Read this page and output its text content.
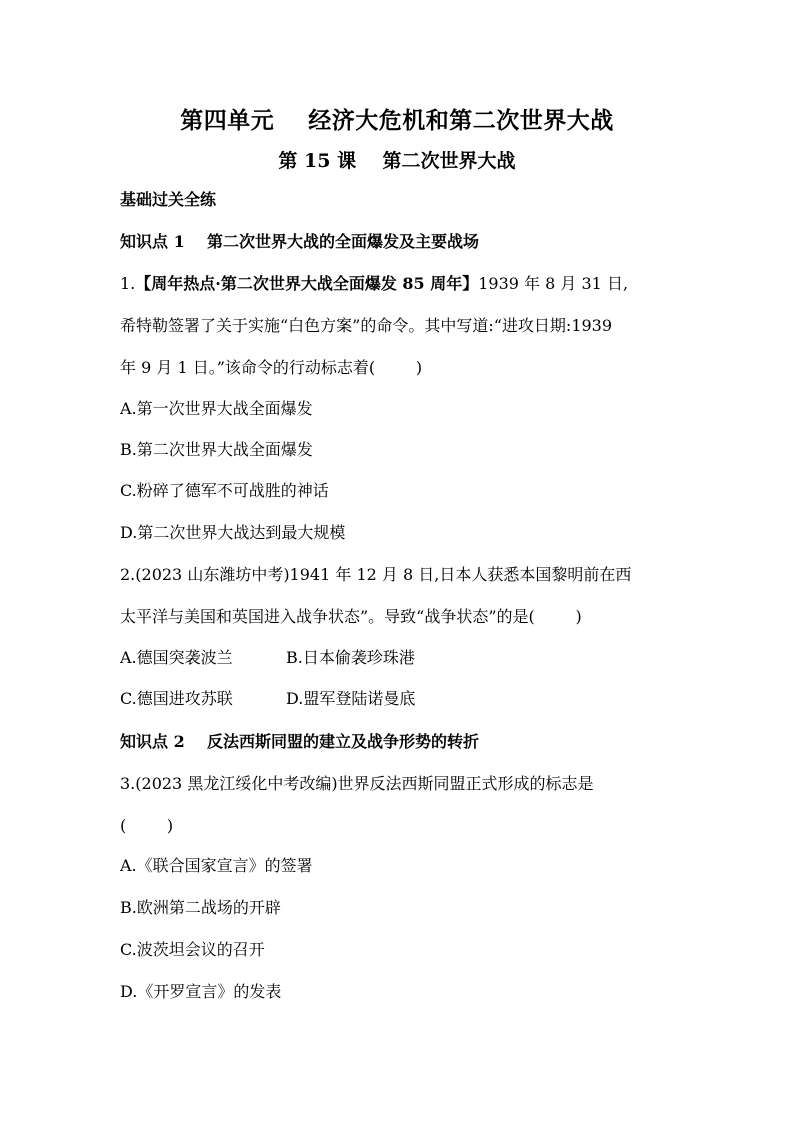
第四单元    经济大危机和第二次世界大战
第 15 课    第二次世界大战
基础过关全练
知识点 1    第二次世界大战的全面爆发及主要战场
1.【周年热点·第二次世界大战全面爆发 85 周年】1939 年 8 月 31 日,
希特勒签署了关于实施“白色方案”的命令。其中写道:“进攻日期:1939
年 9 月 1 日。”该命令的行动标志着(        )
A.第一次世界大战全面爆发
B.第二次世界大战全面爆发
C.粉碎了德军不可战胜的神话
D.第二次世界大战达到最大规模
2.(2023 山东潍坊中考)1941 年 12 月 8 日,日本人获悉本国黎明前在西
太平洋与美国和英国进入战争状态”。导致“战争状态”的是(        )
A.德国突袭波兰	B.日本偷袭珍珠港
C.德国进攻苏联	D.盟军登陆诺曼底
知识点 2    反法西斯同盟的建立及战争形势的转折
3.(2023 黑龙江绥化中考改编)世界反法西斯同盟正式形成的标志是
(        )
A.《联合国家宣言》的签署
B.欧洲第二战场的开辟
C.波茨坦会议的召开
D.《开罗宣言》的发表
